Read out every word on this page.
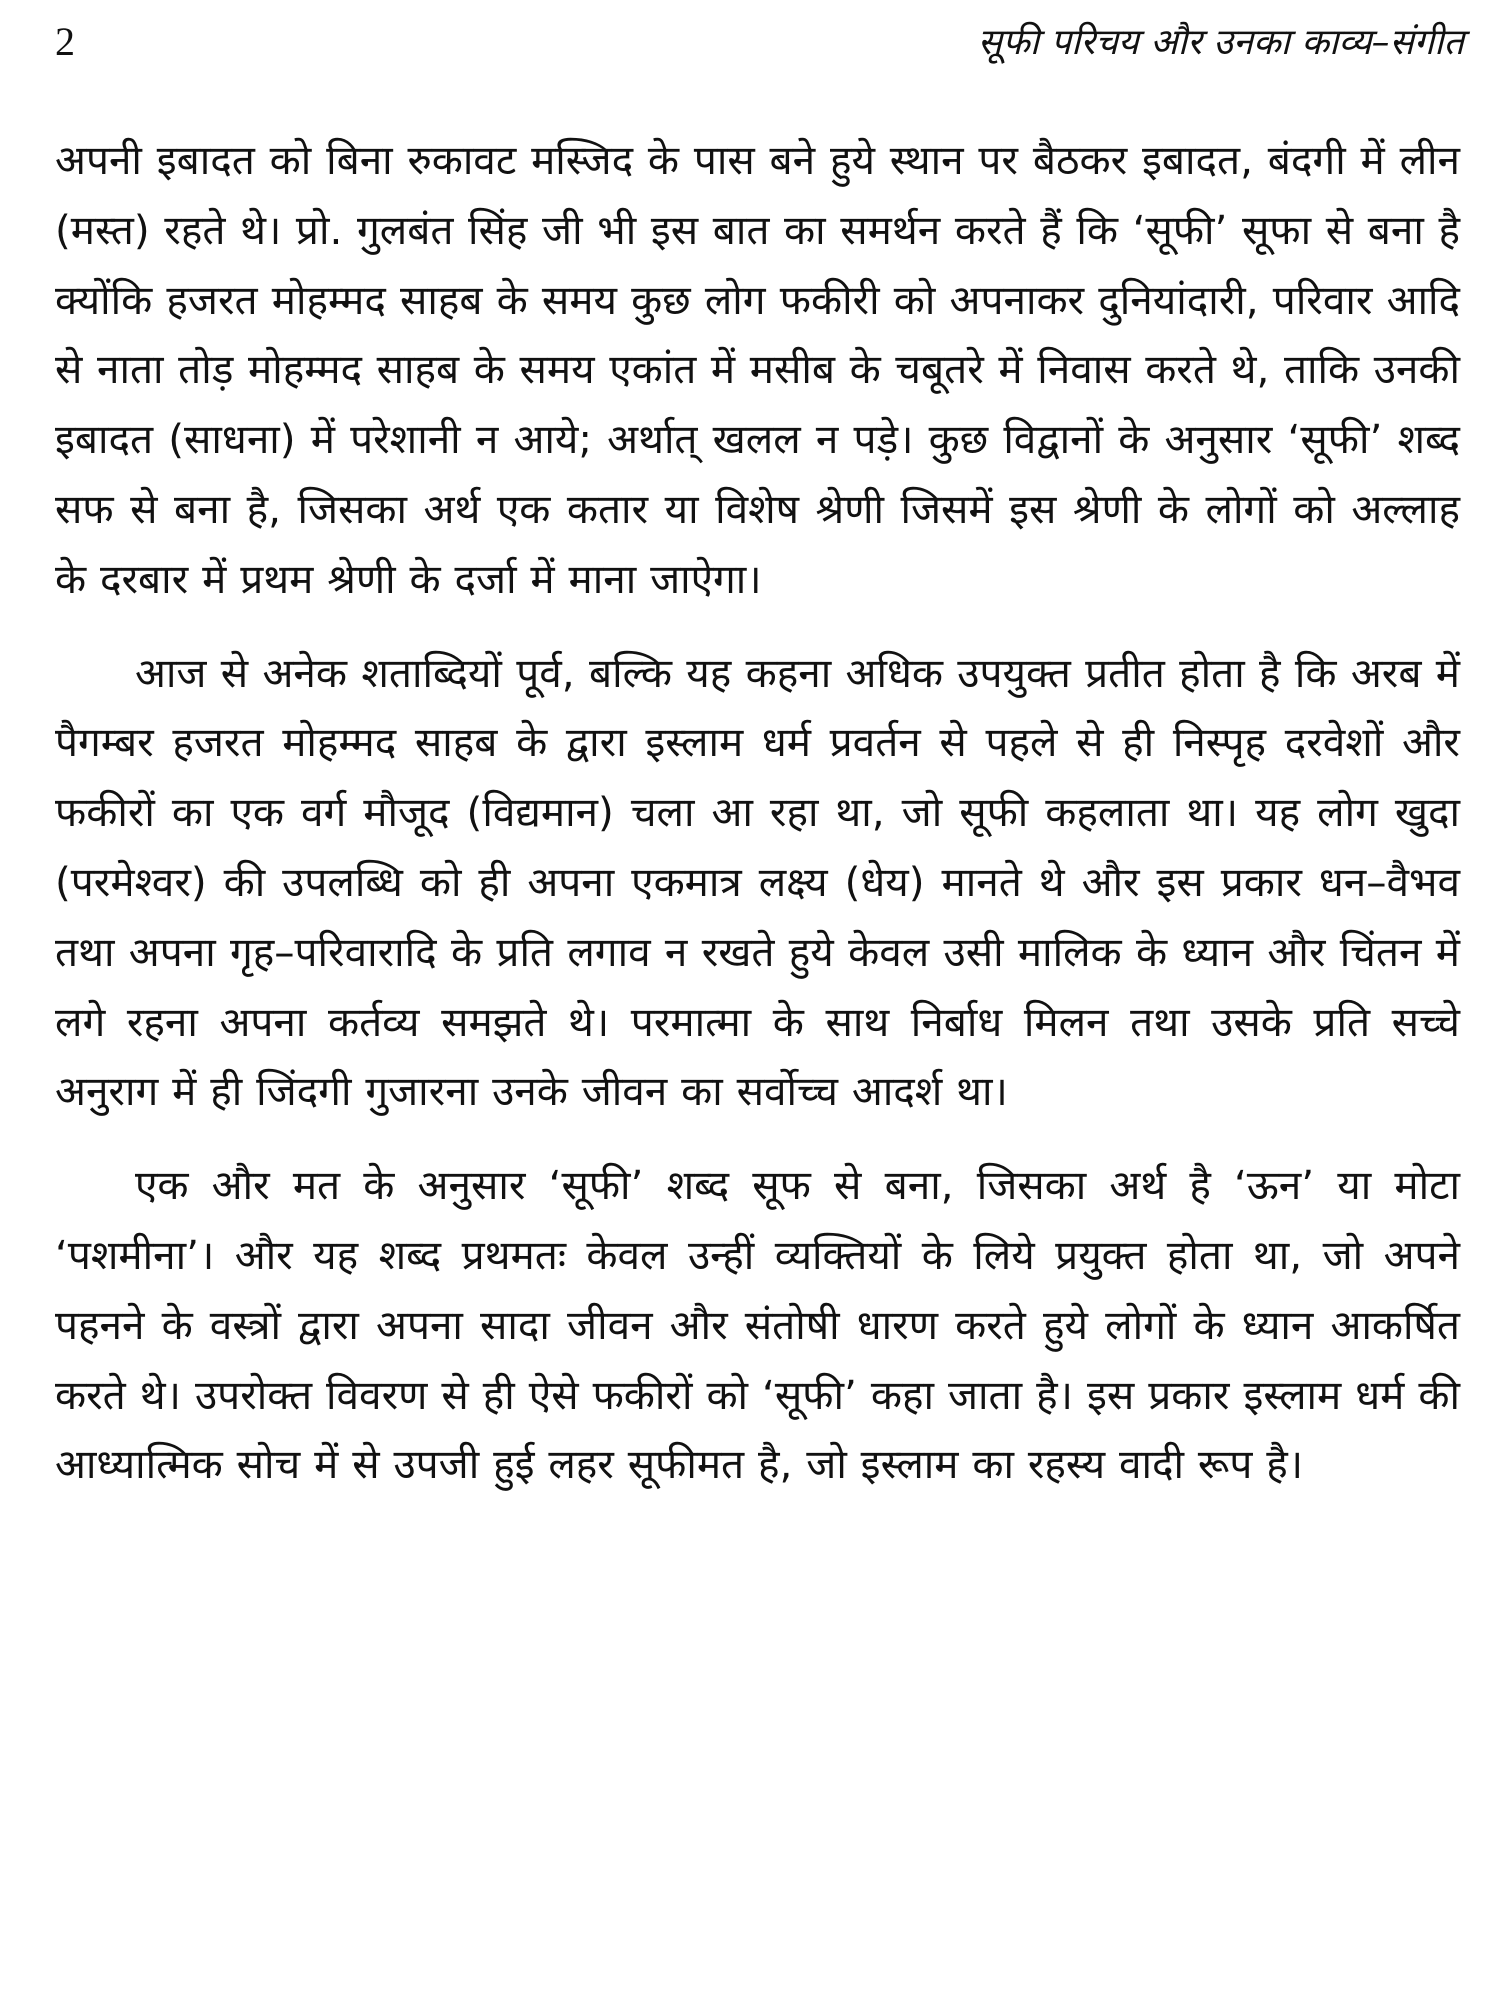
2	सूफी परिचय और उनका काव्य–संगीत

अपनी इबादत को बिना रुकावट मस्जिद के पास बने हुये स्थान पर बैठकर इबादत, बंदगी में लीन (मस्त) रहते थे। प्रो. गुलबंत सिंह जी भी इस बात का समर्थन करते हैं कि ‘सूफी’ सूफा से बना है क्योंकि हजरत मोहम्मद साहब के समय कुछ लोग फकीरी को अपनाकर दुनियांदारी, परिवार आदि से नाता तोड़ मोहम्मद साहब के समय एकांत में मसीब के चबूतरे में निवास करते थे, ताकि उनकी इबादत (साधना) में परेशानी न आये; अर्थात् खलल न पड़े। कुछ विद्वानों के अनुसार ‘सूफी’ शब्द सफ से बना है, जिसका अर्थ एक कतार या विशेष श्रेणी जिसमें इस श्रेणी के लोगों को अल्लाह के दरबार में प्रथम श्रेणी के दर्जा में माना जाऐगा।

आज से अनेक शताब्दियों पूर्व, बल्कि यह कहना अधिक उपयुक्त प्रतीत होता है कि अरब में पैगम्बर हजरत मोहम्मद साहब के द्वारा इस्लाम धर्म प्रवर्तन से पहले से ही निस्पृह दरवेशों और फकीरों का एक वर्ग मौजूद (विद्यमान) चला आ रहा था, जो सूफी कहलाता था। यह लोग खुदा (परमेश्वर) की उपलब्धि को ही अपना एकमात्र लक्ष्य (धेय) मानते थे और इस प्रकार धन–वैभव तथा अपना गृह–परिवारादि के प्रति लगाव न रखते हुये केवल उसी मालिक के ध्यान और चिंतन में लगे रहना अपना कर्तव्य समझते थे। परमात्मा के साथ निर्बाध मिलन तथा उसके प्रति सच्चे अनुराग में ही जिंदगी गुजारना उनके जीवन का सर्वोच्च आदर्श था।

एक और मत के अनुसार ‘सूफी’ शब्द सूफ से बना, जिसका अर्थ है ‘ऊन’ या मोटा ‘पशमीना’। और यह शब्द प्रथमतः केवल उन्हीं व्यक्तियों के लिये प्रयुक्त होता था, जो अपने पहनने के वस्त्रों द्वारा अपना सादा जीवन और संतोषी धारण करते हुये लोगों के ध्यान आकर्षित करते थे। उपरोक्त विवरण से ही ऐसे फकीरों को ‘सूफी’ कहा जाता है। इस प्रकार इस्लाम धर्म की आध्यात्मिक सोच में से उपजी हुई लहर सूफीमत है, जो इस्लाम का रहस्य वादी रूप है।
